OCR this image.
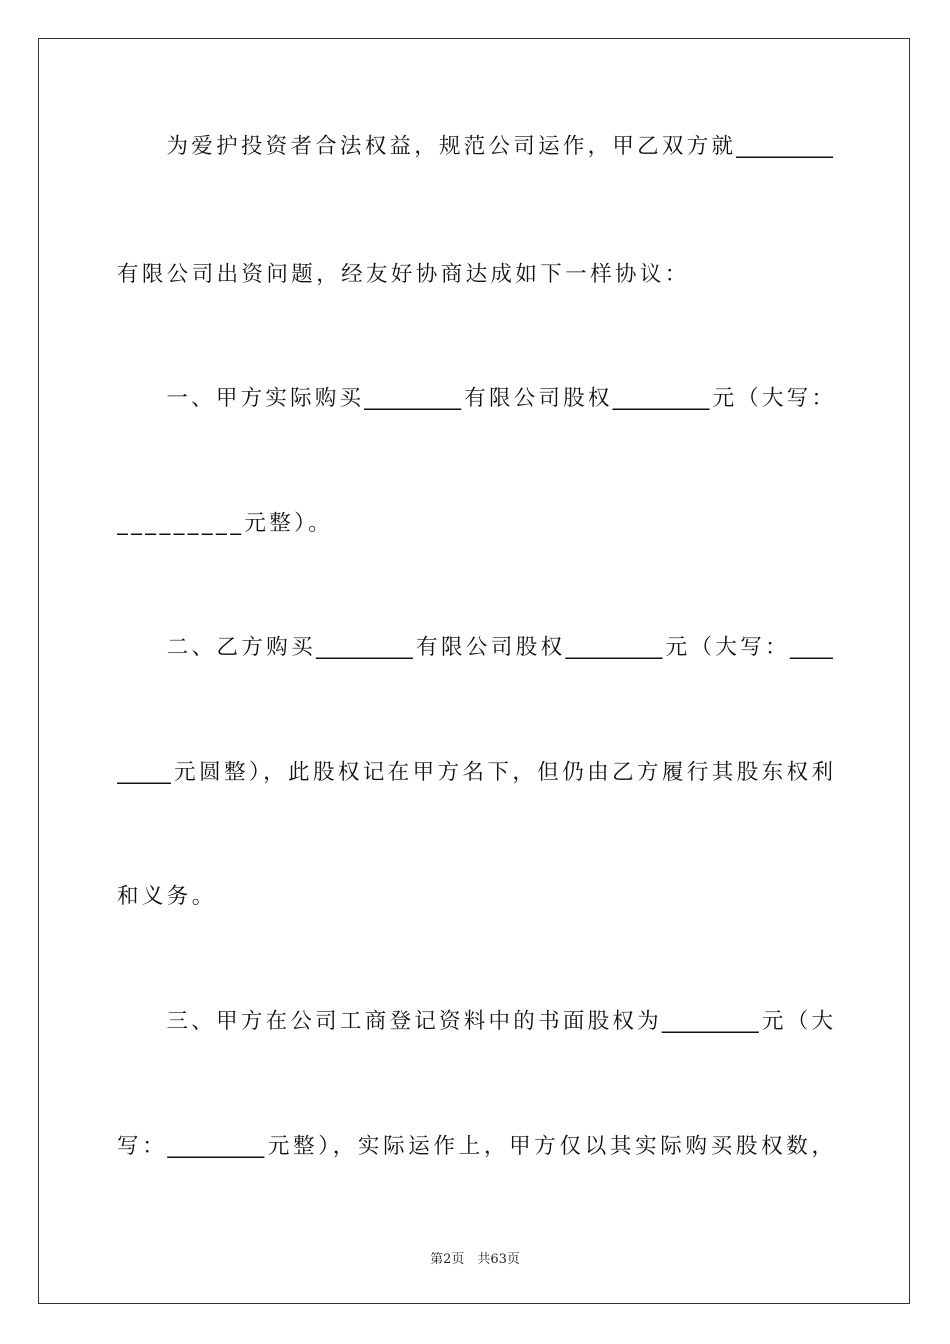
　　为爱护投资者合法权益，规范公司运作，甲乙双方就_________
有限公司出资问题，经友好协商达成如下一样协议：
　　一、甲方实际购买_________有限公司股权_________元（大写：
_________元整）。
　　二、乙方购买_________有限公司股权_________元（大写：____
_____元圆整），此股权记在甲方名下，但仍由乙方履行其股东权利
和义务。
　　三、甲方在公司工商登记资料中的书面股权为_________元（大
写：_________元整），实际运作上，甲方仅以其实际购买股权数，
第2页　共63页
